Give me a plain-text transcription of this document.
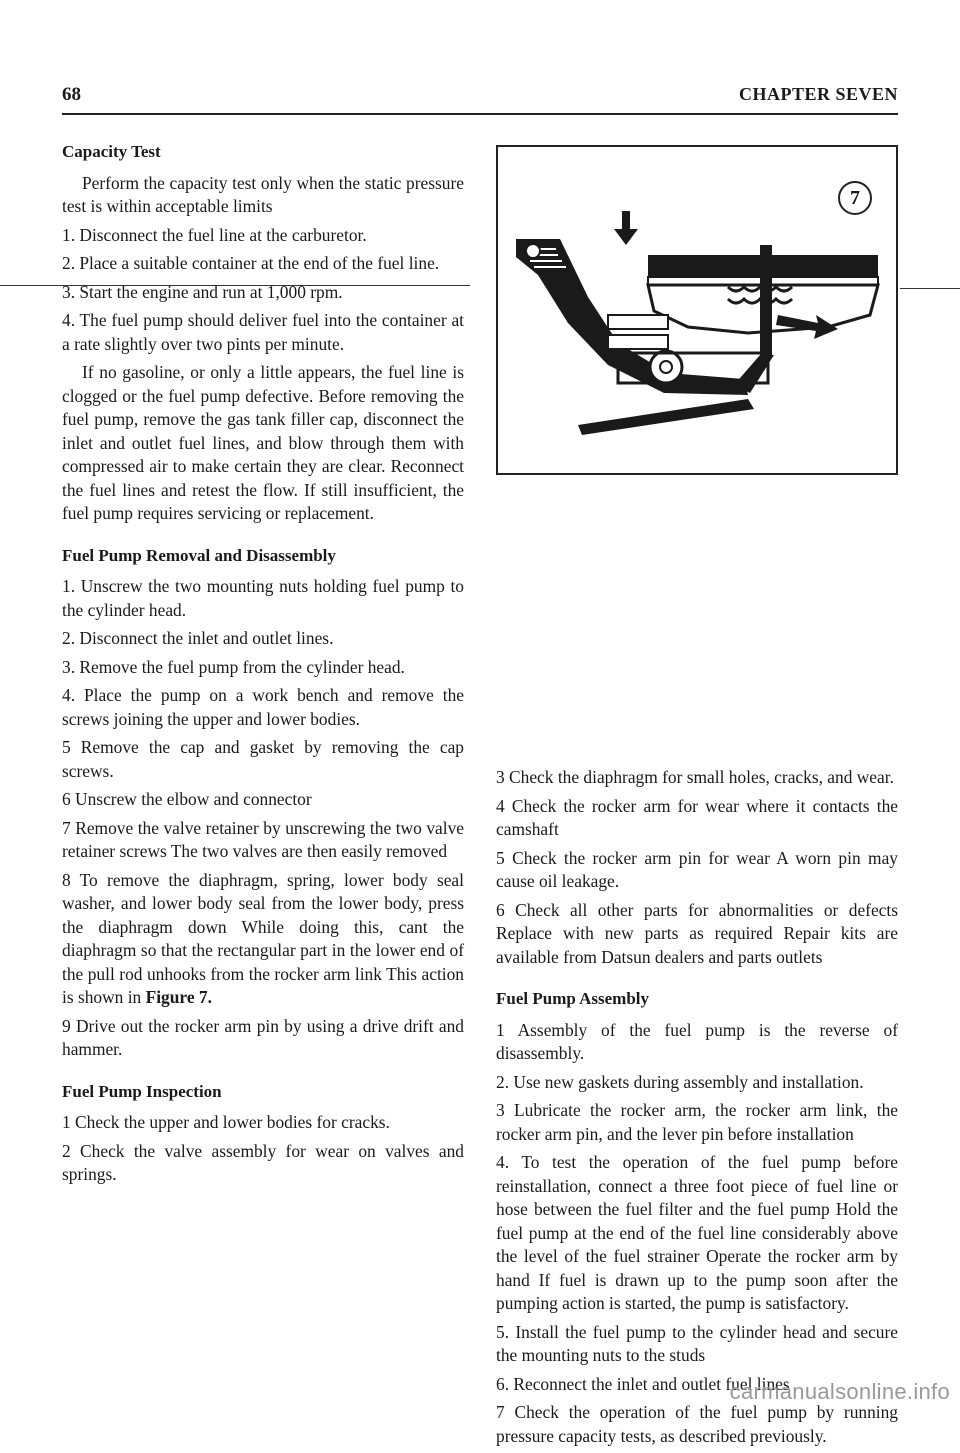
68	CHAPTER SEVEN
Capacity Test

Perform the capacity test only when the static pressure test is within acceptable limits

1. Disconnect the fuel line at the carburetor.

2. Place a suitable container at the end of the fuel line.

3. Start the engine and run at 1,000 rpm.

4. The fuel pump should deliver fuel into the container at a rate slightly over two pints per minute.

If no gasoline, or only a little appears, the fuel line is clogged or the fuel pump defective. Before removing the fuel pump, remove the gas tank filler cap, disconnect the inlet and outlet fuel lines, and blow through them with compressed air to make certain they are clear. Reconnect the fuel lines and retest the flow. If still insufficient, the fuel pump requires servicing or replacement.

Fuel Pump Removal and Disassembly

1. Unscrew the two mounting nuts holding fuel pump to the cylinder head.

2. Disconnect the inlet and outlet lines.

3. Remove the fuel pump from the cylinder head.

4. Place the pump on a work bench and remove the screws joining the upper and lower bodies.

5 Remove the cap and gasket by removing the cap screws.

6 Unscrew the elbow and connector

7 Remove the valve retainer by unscrewing the two valve retainer screws The two valves are then easily removed

8 To remove the diaphragm, spring, lower body seal washer, and lower body seal from the lower body, press the diaphragm down While doing this, cant the diaphragm so that the rectangular part in the lower end of the pull rod unhooks from the rocker arm link This action is shown in Figure 7.

9 Drive out the rocker arm pin by using a drive drift and hammer.

Fuel Pump Inspection

1 Check the upper and lower bodies for cracks.

2 Check the valve assembly for wear on valves and springs.

7

3 Check the diaphragm for small holes, cracks, and wear.

4 Check the rocker arm for wear where it contacts the camshaft

5 Check the rocker arm pin for wear A worn pin may cause oil leakage.

6 Check all other parts for abnormalities or defects Replace with new parts as required Repair kits are available from Datsun dealers and parts outlets

Fuel Pump Assembly

1 Assembly of the fuel pump is the reverse of disassembly.

2. Use new gaskets during assembly and installation.

3 Lubricate the rocker arm, the rocker arm link, the rocker arm pin, and the lever pin before installation

4. To test the operation of the fuel pump before reinstallation, connect a three foot piece of fuel line or hose between the fuel filter and the fuel pump Hold the fuel pump at the end of the fuel line considerably above the level of the fuel strainer Operate the rocker arm by hand If fuel is drawn up to the pump soon after the pumping action is started, the pump is satisfactory.

5. Install the fuel pump to the cylinder head and secure the mounting nuts to the studs

6. Reconnect the inlet and outlet fuel lines

7 Check the operation of the fuel pump by running pressure capacity tests, as described previously.

carmanualsonline.info
